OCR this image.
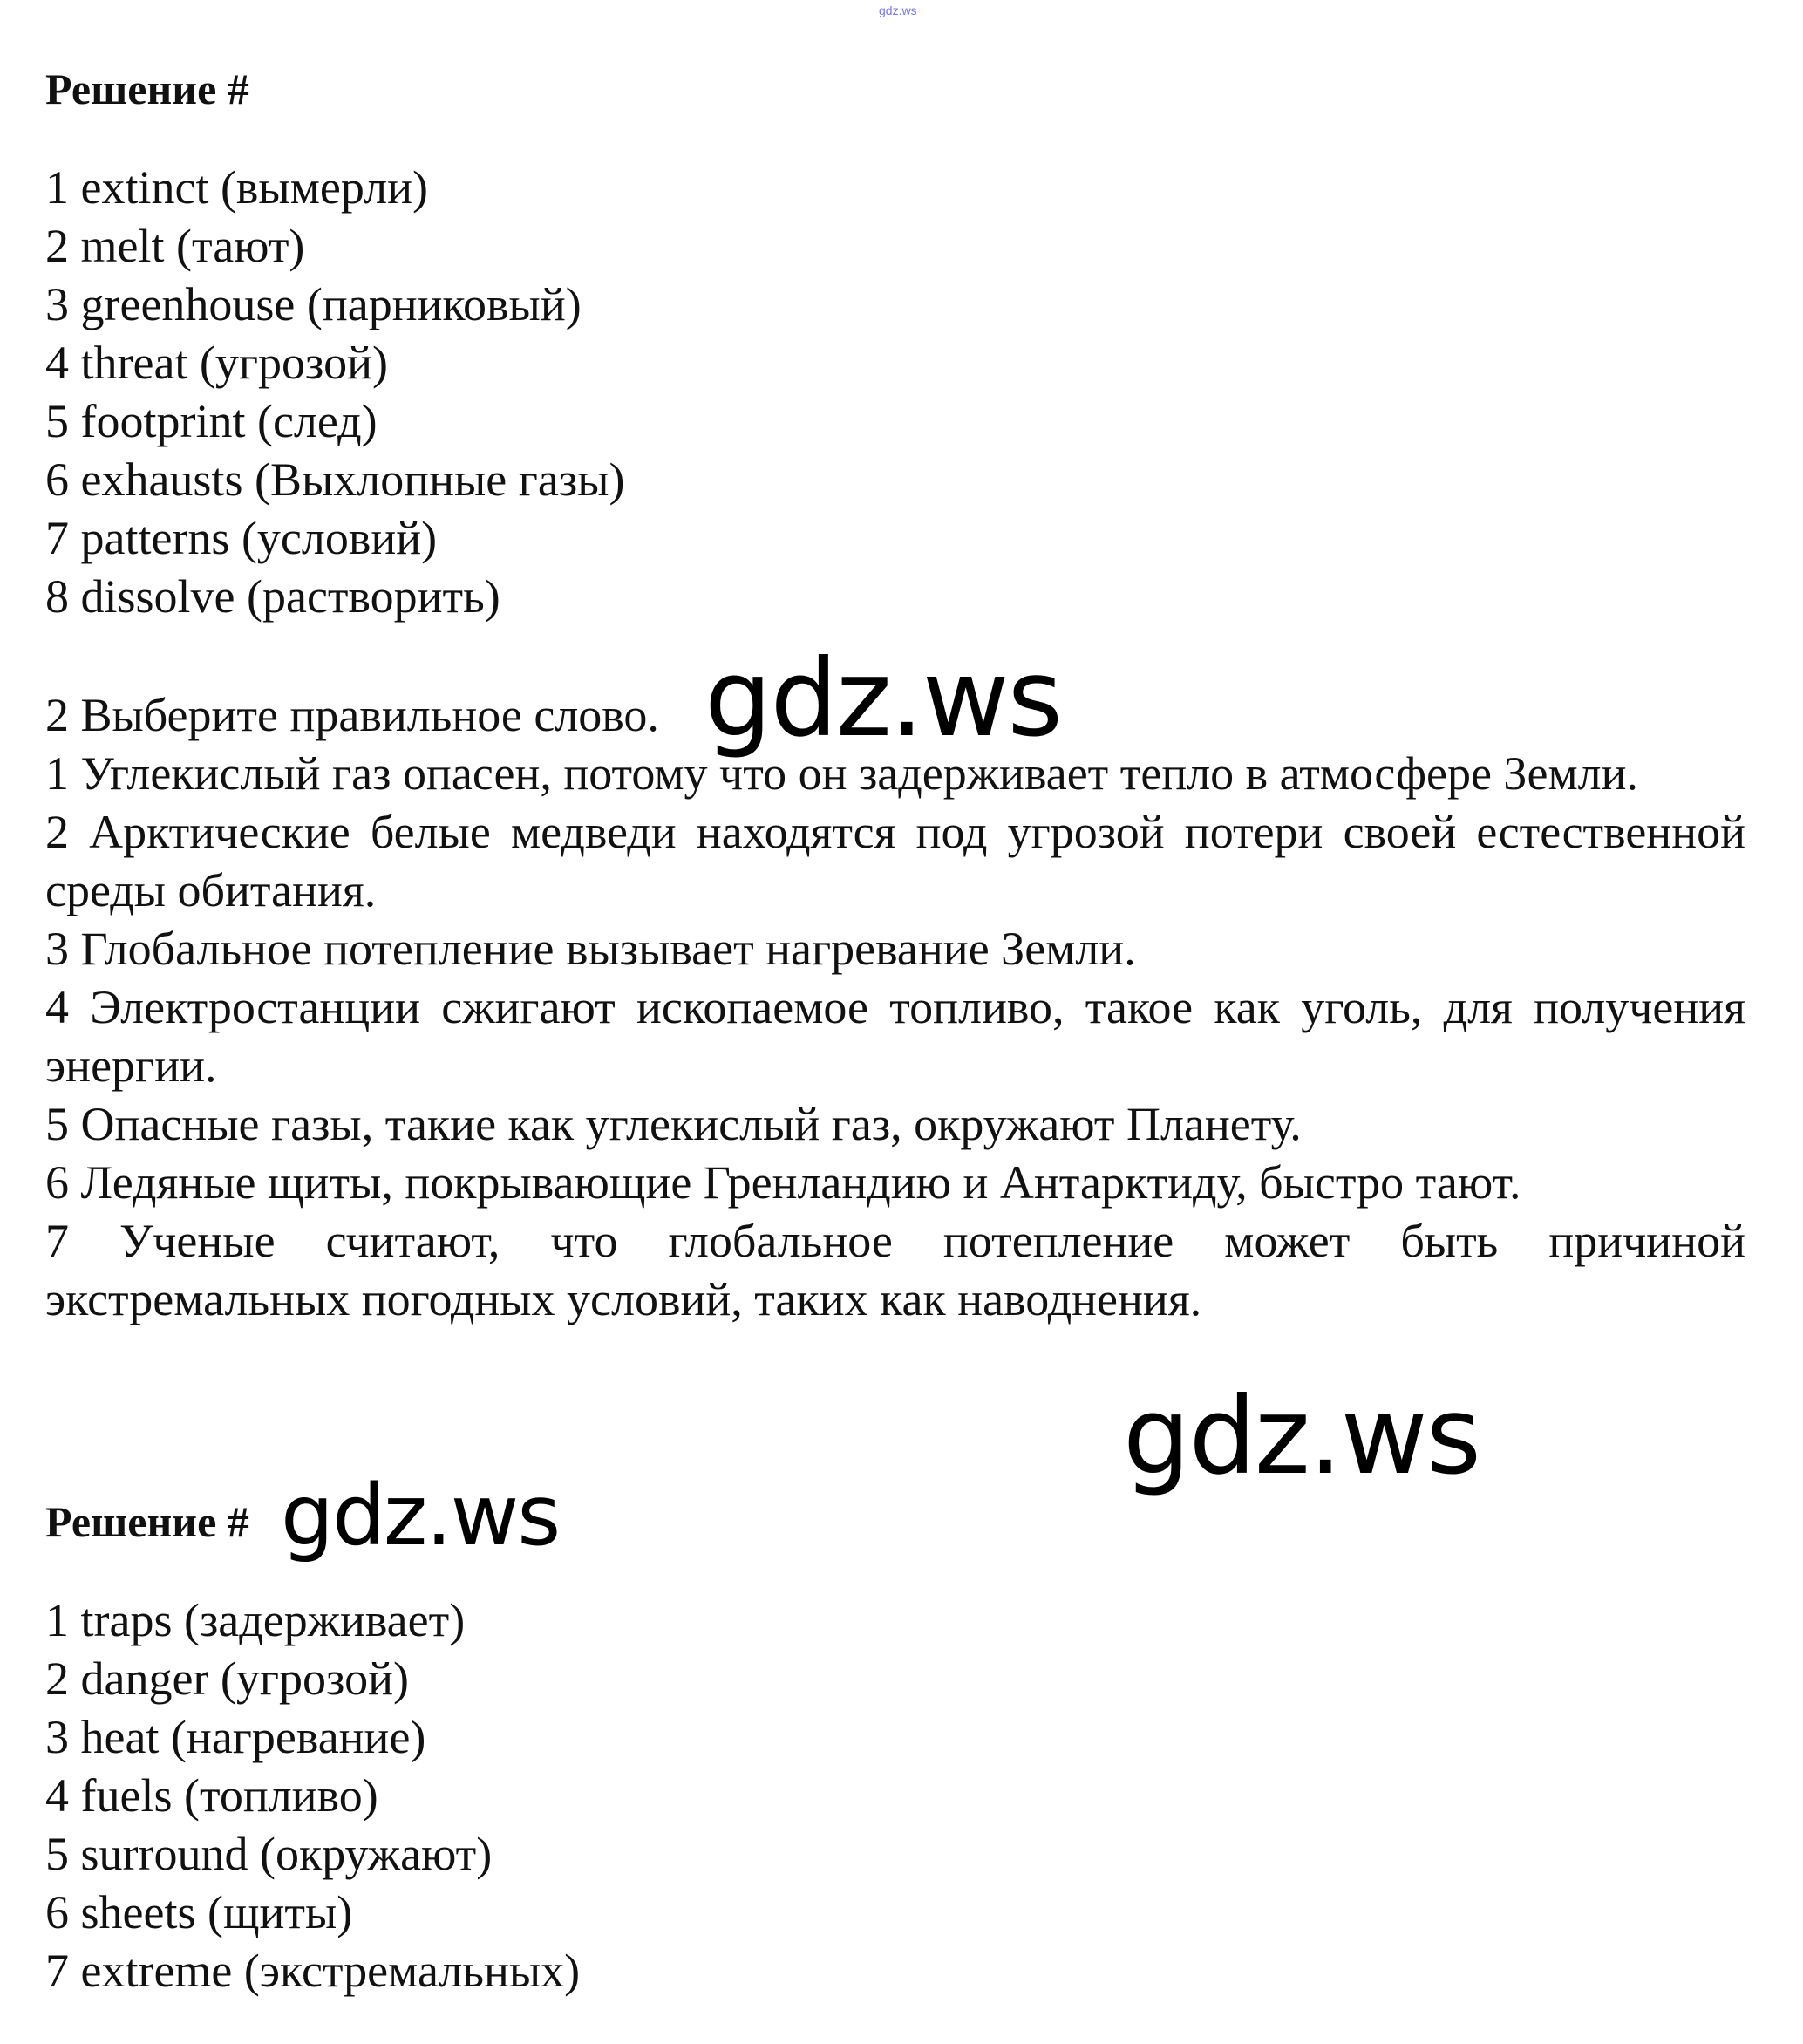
gdz.ws
Решение #
1 extinct (вымерли)
2 melt (тают)
3 greenhouse (парниковый)
4 threat (угрозой)
5 footprint (след)
6 exhausts (Выхлопные газы)
7 patterns (условий)
8 dissolve (растворить)
2 Выберите правильное слово.
1 Углекислый газ опасен, потому что он задерживает тепло в атмосфере Земли.
2 Арктические белые медведи находятся под угрозой потери своей естественной среды обитания.
3 Глобальное потепление вызывает нагревание Земли.
4 Электростанции сжигают ископаемое топливо, такое как уголь, для получения энергии.
5 Опасные газы, такие как углекислый газ, окружают Планету.
6 Ледяные щиты, покрывающие Гренландию и Антарктиду, быстро тают.
7 Ученые считают, что глобальное потепление может быть причиной экстремальных погодных условий, таких как наводнения.
Решение #
1 traps (задерживает)
2 danger (угрозой)
3 heat (нагревание)
4 fuels (топливо)
5 surround (окружают)
6 sheets (щиты)
7 extreme (экстремальных)
gdz.ws
gdz.ws
gdz.ws
